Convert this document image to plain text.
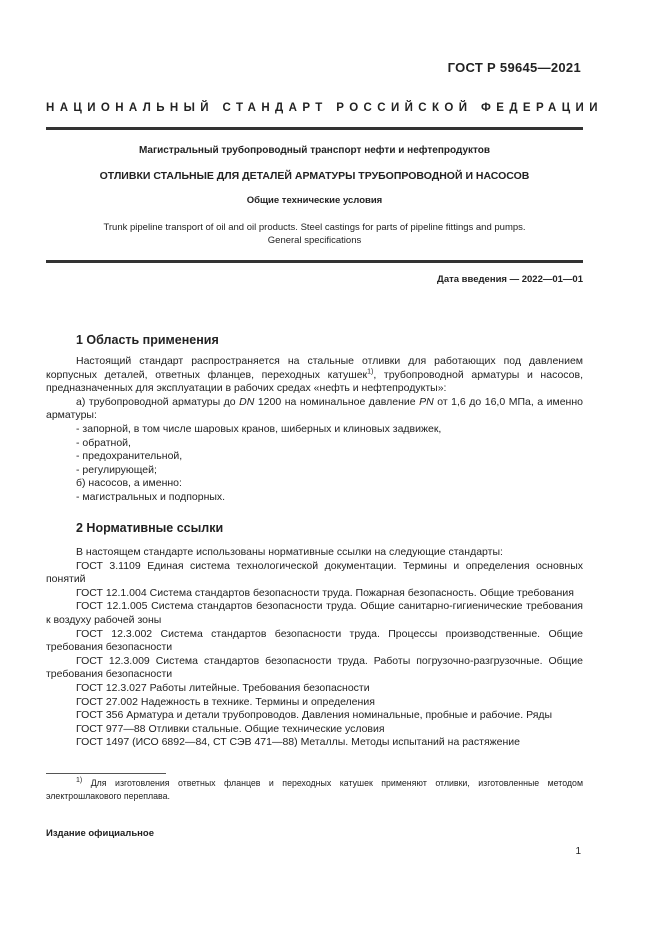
ГОСТ Р 59645—2021
НАЦИОНАЛЬНЫЙ СТАНДАРТ РОССИЙСКОЙ ФЕДЕРАЦИИ
Магистральный трубопроводный транспорт нефти и нефтепродуктов
ОТЛИВКИ СТАЛЬНЫЕ ДЛЯ ДЕТАЛЕЙ АРМАТУРЫ ТРУБОПРОВОДНОЙ И НАСОСОВ
Общие технические условия
Trunk pipeline transport of oil and oil products. Steel castings for parts of pipeline fittings and pumps.
General specifications
Дата введения — 2022—01—01
1 Область применения

Настоящий стандарт распространяется на стальные отливки для работающих под давлением корпусных деталей, ответных фланцев, переходных катушек$^{1)}$, трубопроводной арматуры и насосов, предназначенных для эксплуатации в рабочих средах «нефть и нефтепродукты»:

а) трубопроводной арматуры до DN 1200 на номинальное давление PN от 1,6 до 16,0 МПа, а именно арматуры:

- запорной, в том числе шаровых кранов, шиберных и клиновых задвижек,

- обратной,

- предохранительной,

- регулирующей;

б) насосов, а именно:

- магистральных и подпорных.

2 Нормативные ссылки

В настоящем стандарте использованы нормативные ссылки на следующие стандарты:

ГОСТ 3.1109 Единая система технологической документации. Термины и определения основных понятий

ГОСТ 12.1.004 Система стандартов безопасности труда. Пожарная безопасность. Общие требования

ГОСТ 12.1.005 Система стандартов безопасности труда. Общие санитарно-гигиенические требования к воздуху рабочей зоны

ГОСТ 12.3.002 Система стандартов безопасности труда. Процессы производственные. Общие требования безопасности

ГОСТ 12.3.009 Система стандартов безопасности труда. Работы погрузочно-разгрузочные. Общие требования безопасности

ГОСТ 12.3.027 Работы литейные. Требования безопасности

ГОСТ 27.002 Надежность в технике. Термины и определения

ГОСТ 356 Арматура и детали трубопроводов. Давления номинальные, пробные и рабочие. Ряды

ГОСТ 977—88 Отливки стальные. Общие технические условия

ГОСТ 1497 (ИСО 6892—84, СТ СЭВ 471—88) Металлы. Методы испытаний на растяжение

$^{1)}$ Для изготовления ответных фланцев и переходных катушек применяют отливки, изготовленные методом электрошлакового переплава.
Издание официальное
1
